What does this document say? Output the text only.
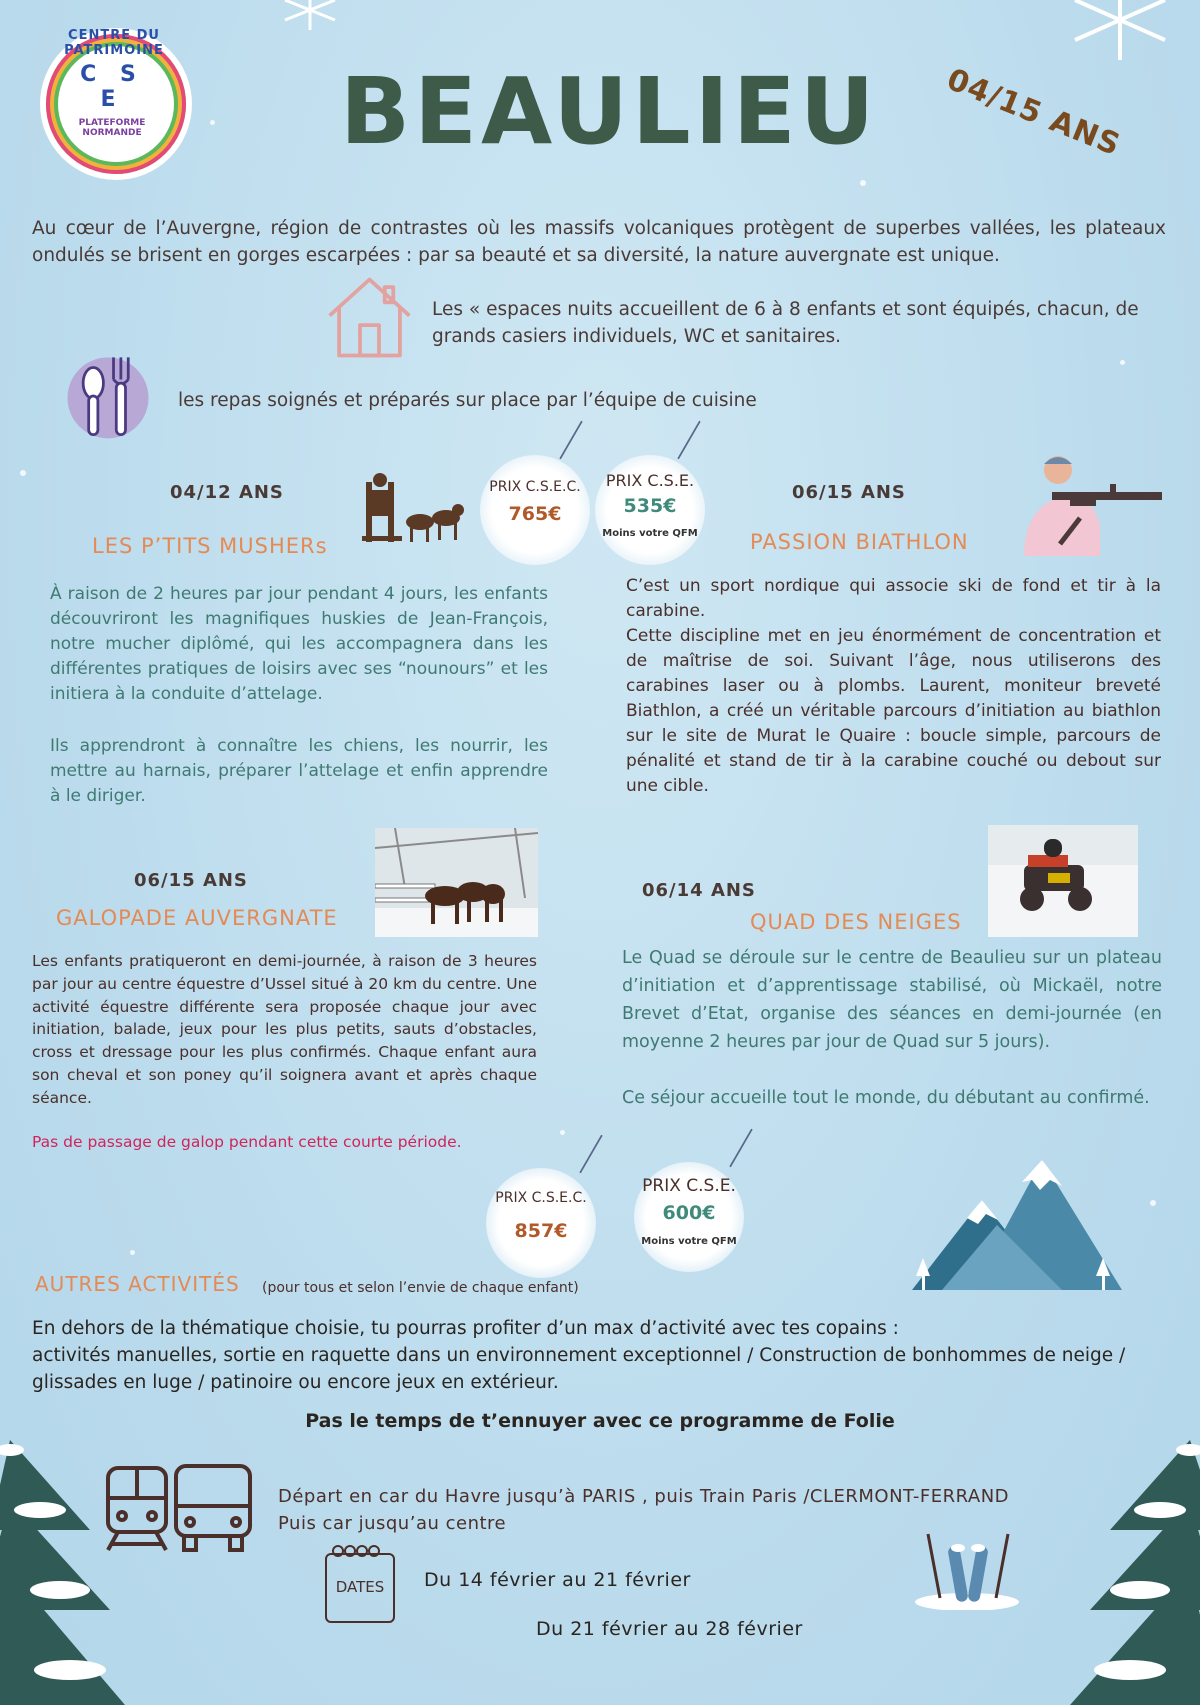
CENTRE DU PATRIMOINE
C S E
PLATEFORME NORMANDE BEAULIEU 04/15 ANS
Au cœur de l’Auvergne, région de contrastes où les massifs volcaniques protègent de superbes vallées, les plateaux ondulés se brisent en gorges escarpées : par sa beauté et sa diversité, la nature auvergnate est unique.
Les « espaces nuits accueillent de 6 à 8 enfants et sont équipés, chacun, de grands casiers individuels, WC et sanitaires.
les repas soignés et préparés sur place par l’équipe de cuisine
PRIX C.S.E.C.
765€
PRIX C.S.E.
535€
Moins votre QFM
04/12 ANS
LES P’TITS MUSHERs
À raison de 2 heures par jour pendant 4 jours, les enfants découvriront les magnifiques huskies de Jean-François, notre mucher diplômé, qui les accompagnera dans les différentes pratiques de loisirs avec ses “nounours” et les initiera à la conduite d’attelage.
Ils apprendront à connaître les chiens, les nourrir, les mettre au harnais, préparer l’attelage et enfin apprendre à le diriger.
06/15 ANS
PASSION BIATHLON
C’est un sport nordique qui associe ski de fond et tir à la carabine.
Cette discipline met en jeu énormément de concentration et de maîtrise de soi. Suivant l’âge, nous utiliserons des carabines laser ou à plombs. Laurent, moniteur breveté Biathlon, a créé un véritable parcours d’initiation au biathlon sur le site de Murat le Quaire : boucle simple, parcours de pénalité et stand de tir à la carabine couché ou debout sur une cible.
06/15 ANS
GALOPADE AUVERGNATE
Les enfants pratiqueront en demi-journée, à raison de 3 heures par jour au centre équestre d’Ussel situé à 20 km du centre. Une activité équestre différente sera proposée chaque jour avec initiation, balade, jeux pour les plus petits, sauts d’obstacles, cross et dressage pour les plus confirmés. Chaque enfant aura son cheval et son poney qu’il soignera avant et après chaque séance.
Pas de passage de galop pendant cette courte période.
06/14 ANS
QUAD DES NEIGES
Le Quad se déroule sur le centre de Beaulieu sur un plateau d’initiation et d’apprentissage stabilisé, où Mickaël, notre Brevet d’Etat, organise des séances en demi-journée (en moyenne 2 heures par jour de Quad sur 5 jours).
Ce séjour accueille tout le monde, du débutant au confirmé.
PRIX C.S.E.C.
857€
PRIX C.S.E.
600€
Moins votre QFM
AUTRES ACTIVITÉS (pour tous et selon l’envie de chaque enfant)
En dehors de la thématique choisie, tu pourras profiter d’un max d’activité avec tes copains :
activités manuelles, sortie en raquette dans un environnement exceptionnel / Construction de bonhommes de neige / glissades en luge / patinoire ou encore jeux en extérieur.
Pas le temps de t’ennuyer avec ce programme de Folie
Départ en car du Havre jusqu’à PARIS , puis Train Paris /CLERMONT-FERRAND
Puis car jusqu’au centre
DATES	Du 14 février au 21 février
Du 21 février au 28 février
